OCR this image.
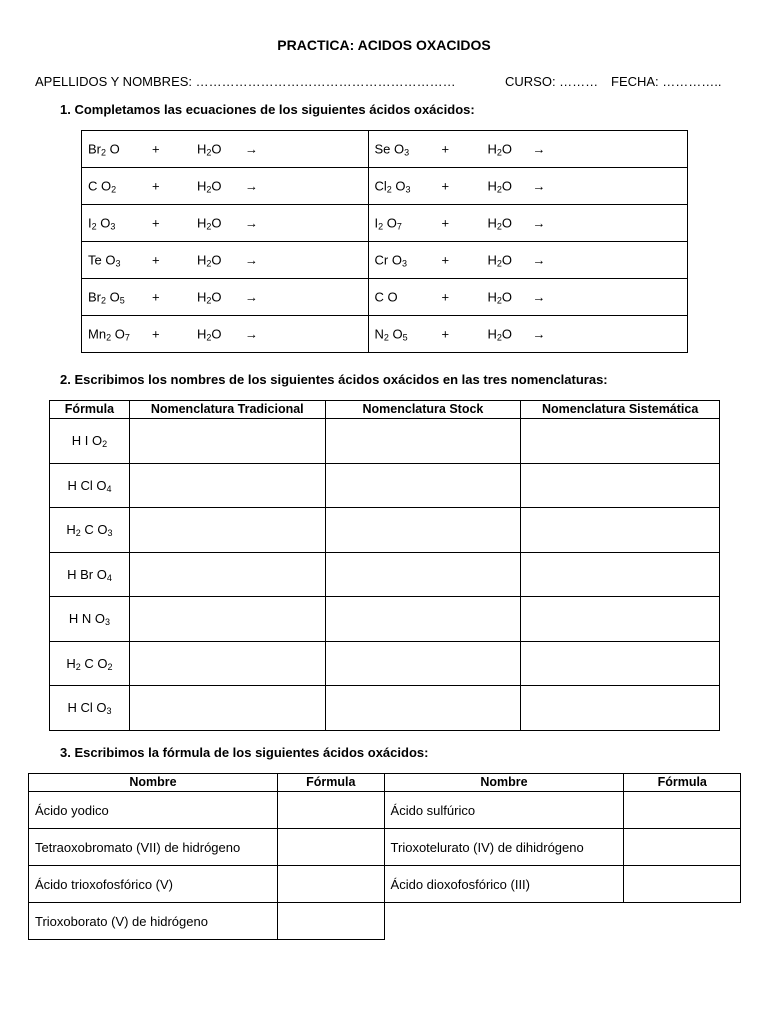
PRACTICA: ACIDOS OXACIDOS
APELLIDOS Y NOMBRES: ……………………………………………………	CURSO: ……… FECHA: …………..
1. Completamos las ecuaciones de los siguientes ácidos oxácidos:
$Br_2$ $O + H_2O$ →	Se $O_3 + H_2O$ →

C $O_2 + H_2O$ →	$Cl_2$ $O_3 + H_2O$ →

$I_2$ $O_3 + H_2O$ →	$I_2$ $O_7 + H_2O$ →

Te $O_3 + H_2O$ →	Cr $O_3 + H_2O$ →

$Br_2$ $O_5 + H_2O$ →	C $O + H_2O$ →

$Mn_2$ $O_7 + H_2O$ →	$N_2$ $O_5 + H_2O$ →
2. Escribimos los nombres de los siguientes ácidos oxácidos en las tres nomenclaturas:
Fórmula	Nomenclatura Tradicional	Nomenclatura Stock	Nomenclatura Sistemática
H I $O_2$			
H Cl $O_4$			
$H_2$ C $O_3$			
H Br $O_4$			
H N $O_3$			
$H_2$ C $O_2$			
H Cl $O_3$			
3. Escribimos la fórmula de los siguientes ácidos oxácidos:
Nombre	Fórmula	Nombre	Fórmula
Ácido yodico		Ácido sulfúrico	
Tetraoxobromato (VII) de hidrógeno		Trioxotelurato (IV) de dihidrógeno	
Ácido trioxofosfórico (V)		Ácido dioxofosfórico (III)	
Trioxoborato (V) de hidrógeno			
